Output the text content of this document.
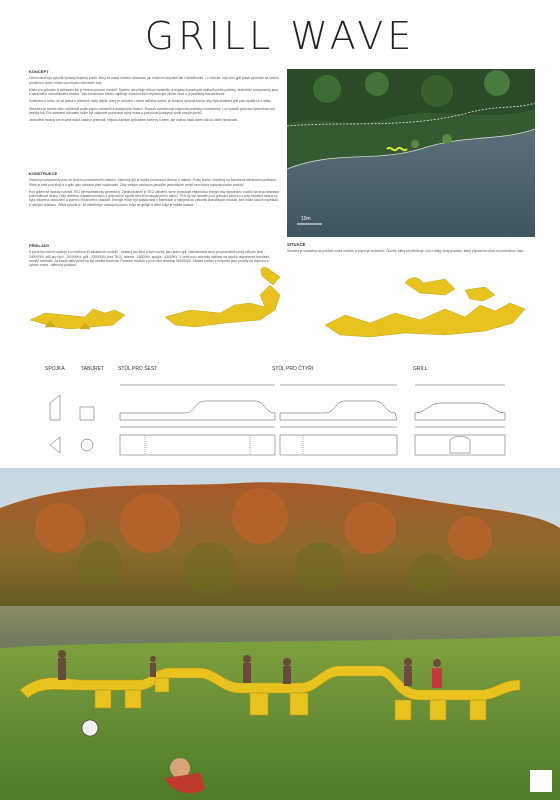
GRILL WAVE
KONCEPT

Cílem návrhu je vytvořit výrazný krajinný prvek, který se stane místem setkávání jak místních obyvatel tak i návštěvníků. I v obdobě, kdy není grill právě využíván se svému prvotnímu účelu, může sloužit jako orientační bod.

Místo pro grilování a setkávání lidí je řešeno pomocí modulů. Systém umožňuje velkou variabilitu a regulaci konečných nákladů podle potřeby. Jednotlivé komponenty jsou z barevného monolitického betonu. Tato konstrukce řešení zajišťuje odolnost vůči nepříznivým vlivům okolí a je prakticky bezúdržbová.

Vzhledem k tomu, že se jedná o poměrně malý objekt, který je umístěn v rámci velkého území, je zvolena výrazná barva, aby byla znatelná grill paní spatřit už z dálky.

Struktura je možné dále rozšiřovat podle zájmu uživatelů a dostupných financí. Rozsah vybavenosti odpovídá prakticky neomezený. Lze vytvořit grilovací epicentrum pro desítky lidí. Pro samotné uživatele může být zajímavé pozorovat vývoj místa a pozorovat postupný vznik nových prvků.

Jednotlivé moduly lze možné volně snadno přemístit. Nejsou žádným způsobem kotveny k zemi, ale mohou však dobře dát do velké hmotnosti.

KONSTRUKCE

Všechny komponenty jsou ze žlutého probarveného betonu. Samotný gril je hrotek nerezovou deskou s roštem. Prvky budou umístěny na fumebené štěrkovém podkladu. Štěrk je také pod stoly a u grilu jako ochrana před vzplanutím. Díky velkým ocelovým plechům jednotlivých prvků není třeba budovat složité podloží.

Pod grilem se nachází umístit TEG (termoelektrický generátor). Zjednodušeně je TEG zařízení, které produkuje elektrickou energii díky teplotnímu rozdílu na dvou stranách polovodičové desky. Díky velkému odpadnímu teplu z grilování je využití této technologie přímo nabízí. TEG by byl umístěn pod grilovací plochou a jeho studená strana by byla chlazena vzduchem a pomocí hliníkového chladiče. Energie může být skladována v baterkách a nabíjená do zásuvek jednotlivých modulů, kde může sloužit například k nabíjení telefonu. Velká výhoda je, že elektřina je dostupná pouze, když se griluje a nebo když je nabitá baterie.

PŘÍKLADY

V první fázi návrh uvažuje s umístěním tří základních modulů - sestavy pro šest a čtyři osoby, plus jeden gril. Odhadovaná cena pro jednotlivé prvky stůl pro šest - 240000Kč, stůl pro čtyři - 190000Kč, grill - 230000Kč (bez TEG), taburet - 18000Kč, spojka - 43000Kč. V ceně jsou zahrnuty náklady na výrobu objednávek trendelní, rovněž montáže. Za každý další prvek by byl vzniklá konečná. Poslední modulů v první fázi dosahují 562000Kč. Závislá pomoc z rozpočtu jsou použity na doprovu a úpravu místa - štěrkový podklad.

10m
SITUACE
Sestava je umístěna na pobřeží vodní nádrže, a kopíruje vrstevnici. Člověk, který se přibližuje, vidí z dálky žlutý proužek, který připomíná vlnící se pobřežnou čáru.
SPOJKA	TABURET	STŮL PRO ŠEST	STŮL PRO ČTYŘI	GRILL
